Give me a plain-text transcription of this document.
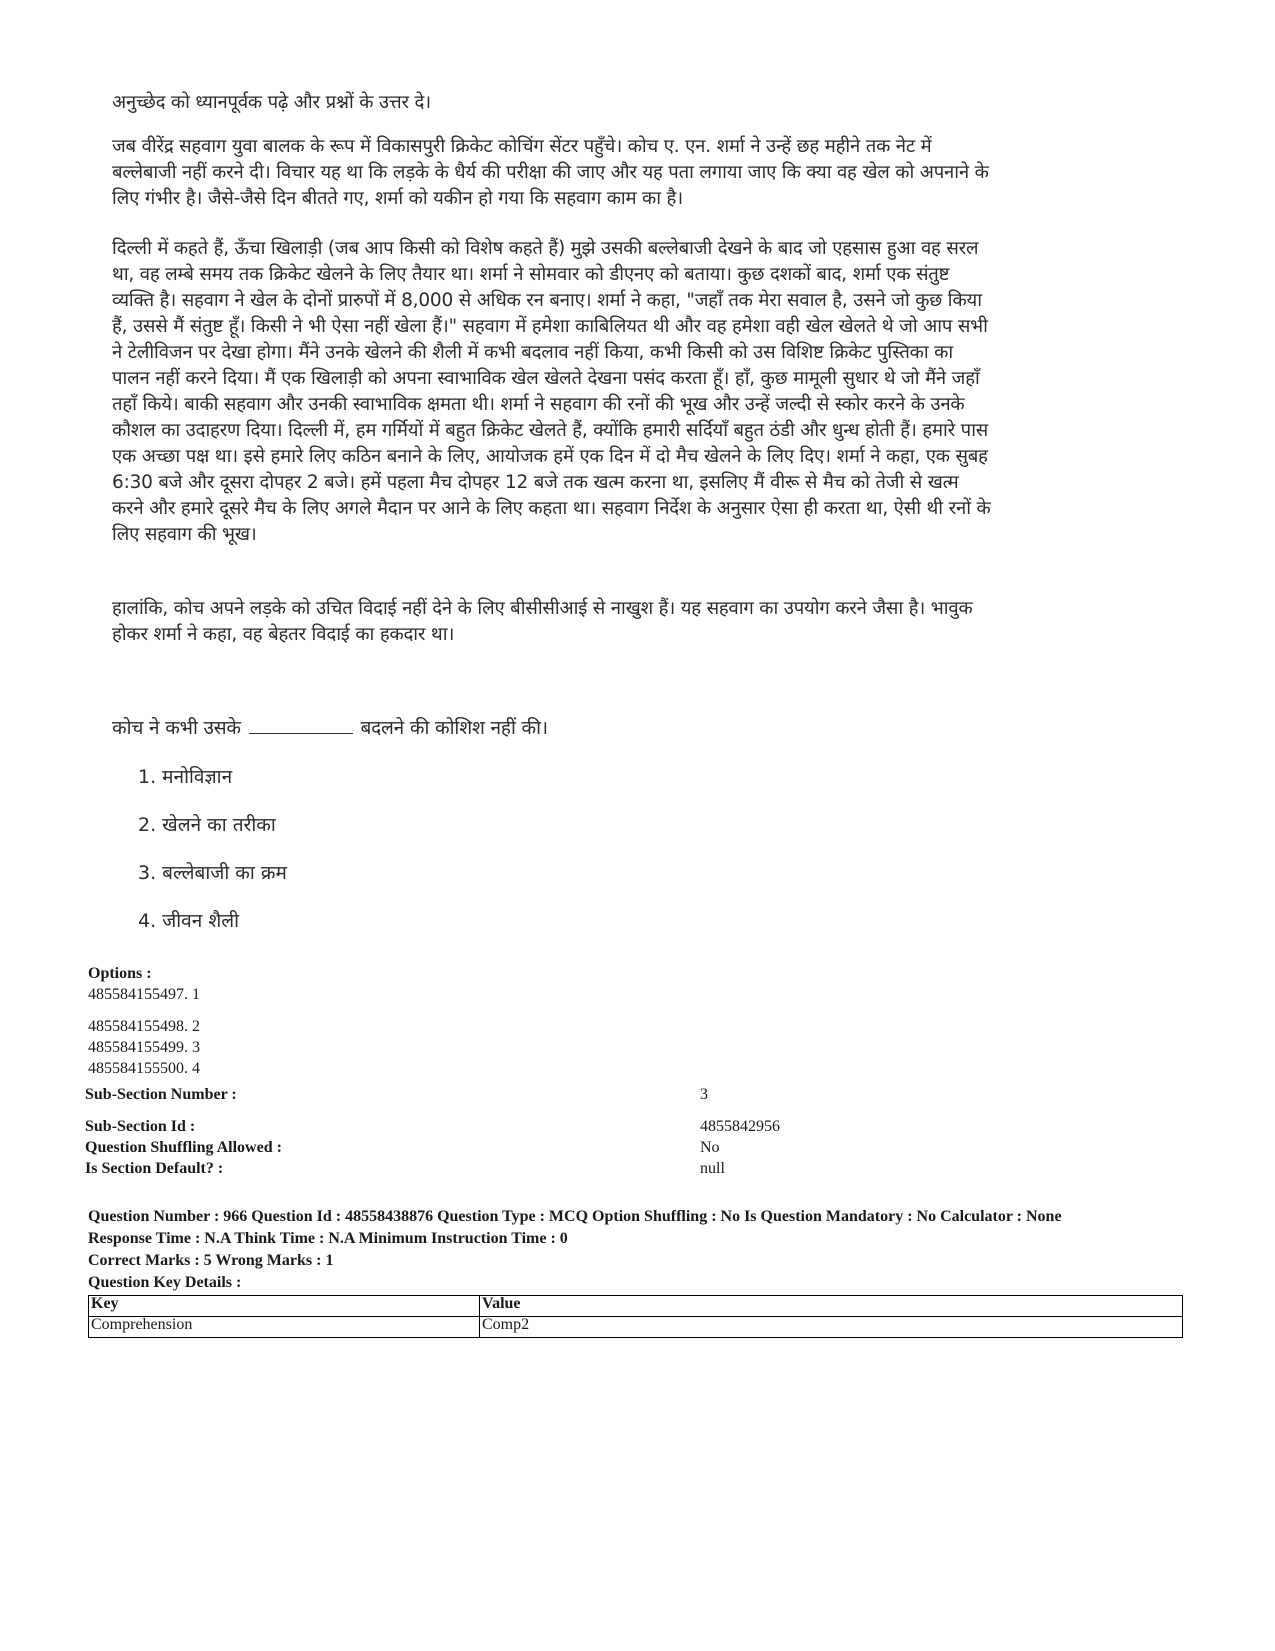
अनुच्छेद को ध्यानपूर्वक पढ़े और प्रश्नों के उत्तर दे।

जब वीरेंद्र सहवाग युवा बालक के रूप में विकासपुरी क्रिकेट कोचिंग सेंटर पहुँचे। कोच ए. एन. शर्मा ने उन्हें छह महीने तक नेट में बल्लेबाजी नहीं करने दी। विचार यह था कि लड़के के धैर्य की परीक्षा की जाए और यह पता लगाया जाए कि क्या वह खेल को अपनाने के लिए गंभीर है। जैसे-जैसे दिन बीतते गए, शर्मा को यकीन हो गया कि सहवाग काम का है।

दिल्ली में कहते हैं, ऊँचा खिलाड़ी (जब आप किसी को विशेष कहते हैं) मुझे उसकी बल्लेबाजी देखने के बाद जो एहसास हुआ वह सरल था, वह लम्बे समय तक क्रिकेट खेलने के लिए तैयार था। शर्मा ने सोमवार को डीएनए को बताया। कुछ दशकों बाद, शर्मा एक संतुष्ट व्यक्ति है। सहवाग ने खेल के दोनों प्रारुपों में 8,000 से अधिक रन बनाए। शर्मा ने कहा, "जहाँ तक मेरा सवाल है, उसने जो कुछ किया हैं, उससे मैं संतुष्ट हूँ। किसी ने भी ऐसा नहीं खेला हैं।" सहवाग में हमेशा काबिलियत थी और वह हमेशा वही खेल खेलते थे जो आप सभी ने टेलीविजन पर देखा होगा। मैंने उनके खेलने की शैली में कभी बदलाव नहीं किया, कभी किसी को उस विशिष्ट क्रिकेट पुस्तिका का पालन नहीं करने दिया। मैं एक खिलाड़ी को अपना स्वाभाविक खेल खेलते देखना पसंद करता हूँ। हाँ, कुछ मामूली सुधार थे जो मैंने जहाँ तहाँ किये। बाकी सहवाग और उनकी स्वाभाविक क्षमता थी। शर्मा ने सहवाग की रनों की भूख और उन्हें जल्दी से स्कोर करने के उनके कौशल का उदाहरण दिया। दिल्ली में, हम गर्मियों में बहुत क्रिकेट खेलते हैं, क्योंकि हमारी सर्दियाँ बहुत ठंडी और धुन्ध होती हैं। हमारे पास एक अच्छा पक्ष था। इसे हमारे लिए कठिन बनाने के लिए, आयोजक हमें एक दिन में दो मैच खेलने के लिए दिए। शर्मा ने कहा, एक सुबह 6:30 बजे और दूसरा दोपहर 2 बजे। हमें पहला मैच दोपहर 12 बजे तक खत्म करना था, इसलिए मैं वीरू से मैच को तेजी से खत्म करने और हमारे दूसरे मैच के लिए अगले मैदान पर आने के लिए कहता था। सहवाग निर्देश के अनुसार ऐसा ही करता था, ऐसी थी रनों के लिए सहवाग की भूख।

हालांकि, कोच अपने लड़के को उचित विदाई नहीं देने के लिए बीसीसीआई से नाखुश हैं। यह सहवाग का उपयोग करने जैसा है। भावुक होकर शर्मा ने कहा, वह बेहतर विदाई का हकदार था।

कोच ने कभी उसके	बदलने की कोशिश नहीं की।

1. मनोविज्ञान
2. खेलने का तरीका
3. बल्लेबाजी का क्रम
4. जीवन शैली
Options :
485584155497. 1
485584155498. 2
485584155499. 3
485584155500. 4
Sub-Section Number :	3
Sub-Section Id :	4855842956
Question Shuffling Allowed :	No
Is Section Default? :	null
Question Number : 966 Question Id : 48558438876 Question Type : MCQ Option Shuffling : No Is Question Mandatory : No Calculator : None
Response Time : N.A Think Time : N.A Minimum Instruction Time : 0
Correct Marks : 5 Wrong Marks : 1
Question Key Details :
Key	Value
Comprehension	Comp2
